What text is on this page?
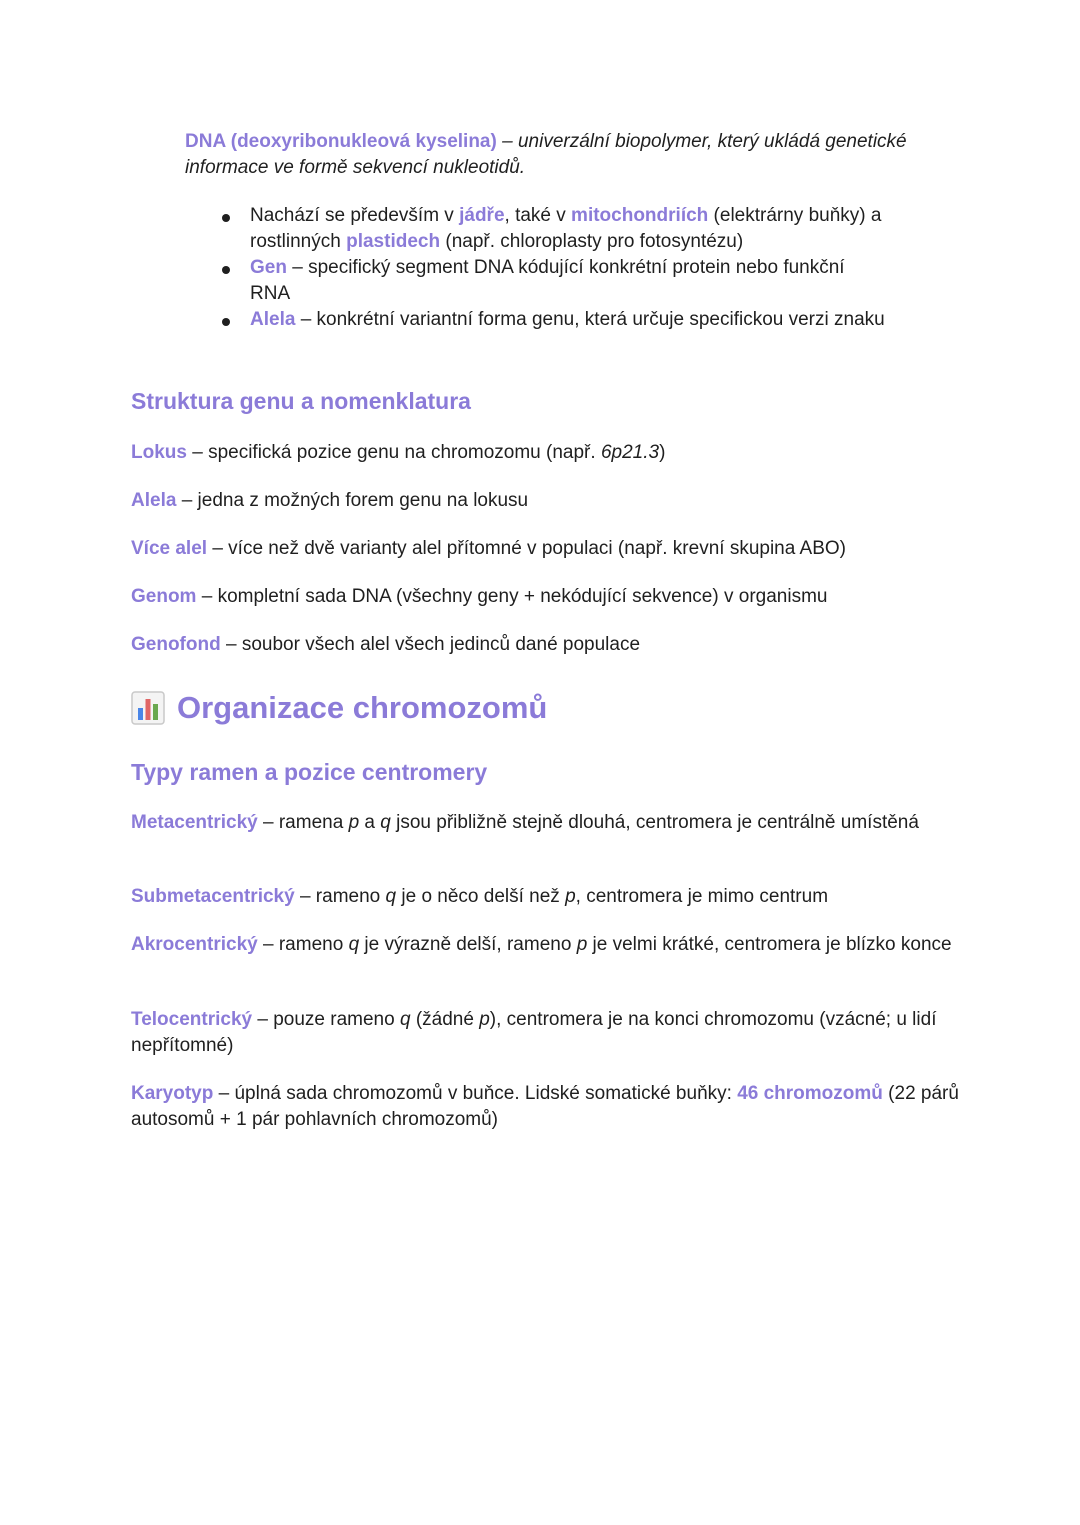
DNA (deoxyribonukleová kyselina) – univerzální biopolymer, který ukládá genetické informace ve formě sekvencí nukleotidů.

Nachází se především v jádře, také v mitochondriích (elektrárny buňky) a rostlinných plastidech (např. chloroplasty pro fotosyntézu)
Gen – specifický segment DNA kódující konkrétní protein nebo funkční RNA
Alela – konkrétní variantní forma genu, která určuje specifickou verzi znaku
Struktura genu a nomenklatura

Lokus – specifická pozice genu na chromozomu (např. 6p21.3)

Alela – jedna z možných forem genu na lokusu

Více alel – více než dvě varianty alel přítomné v populaci (např. krevní skupina ABO)

Genom – kompletní sada DNA (všechny geny + nekódující sekvence) v organismu

Genofond – soubor všech alel všech jedinců dané populace

Organizace chromozomů
Typy ramen a pozice centromery

Metacentrický – ramena p a q jsou přibližně stejně dlouhá, centromera je centrálně umístěná

Submetacentrický – rameno q je o něco delší než p, centromera je mimo centrum

Akrocentrický – rameno q je výrazně delší, rameno p je velmi krátké, centromera je blízko konce

Telocentrický – pouze rameno q (žádné p), centromera je na konci chromozomu (vzácné; u lidí nepřítomné)

Karyotyp – úplná sada chromozomů v buňce. Lidské somatické buňky: 46 chromozomů (22 párů autosomů + 1 pár pohlavních chromozomů)
